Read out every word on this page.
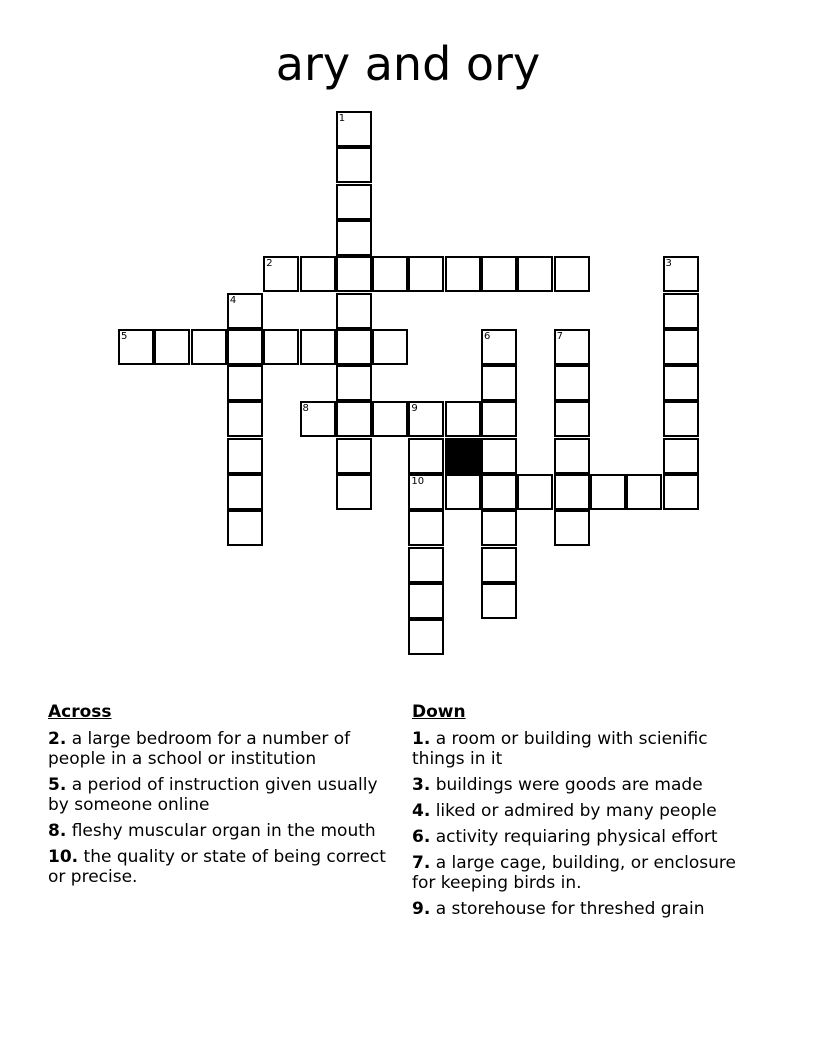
ary and ory
1
2	3
4
5	6	7
8	9
10
Across
2. a large bedroom for a number of people in a school or institution
5. a period of instruction given usually by someone online
8. fleshy muscular organ in the mouth
10. the quality or state of being correct or precise.
Down
1. a room or building with scienific things in it
3. buildings were goods are made
4. liked or admired by many people
6. activity requiaring physical effort
7. a large cage, building, or enclosure for keeping birds in.
9. a storehouse for threshed grain
